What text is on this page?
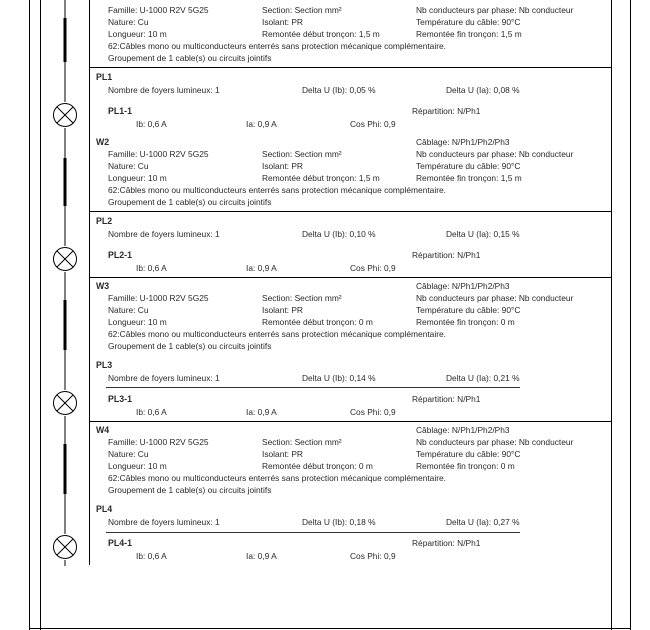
Famille: U-1000 R2V 5G25	Section: Section mm²	Nb conducteurs par phase: Nb conducteur
Nature: Cu	Isolant: PR	Température du câble: 90°C
Longueur: 10 m	Remontée début tronçon: 1,5 m	Remontée fin tronçon: 1,5 m
62:Câbles mono ou multiconducteurs enterrés sans protection mécanique complémentaire.
Groupement de 1 cable(s) ou circuits jointifs
PL1
Nombre de foyers lumineux: 1	Delta U (Ib): 0,05 %	Delta U (Ia): 0,08 %
PL1-1	Répartition: N/Ph1
Ib: 0,6 A	Ia: 0,9 A	Cos Phi: 0,9
W2	Câblage: N/Ph1/Ph2/Ph3
Famille: U-1000 R2V 5G25	Section: Section mm²	Nb conducteurs par phase: Nb conducteur
Nature: Cu	Isolant: PR	Température du câble: 90°C
Longueur: 10 m	Remontée début tronçon: 1,5 m	Remontée fin tronçon: 1,5 m
62:Câbles mono ou multiconducteurs enterrés sans protection mécanique complémentaire.
Groupement de 1 cable(s) ou circuits jointifs
PL2
Nombre de foyers lumineux: 1	Delta U (Ib): 0,10 %	Delta U (Ia): 0,15 %
PL2-1	Répartition: N/Ph1
Ib: 0,6 A	Ia: 0,9 A	Cos Phi: 0,9
W3	Câblage: N/Ph1/Ph2/Ph3
Famille: U-1000 R2V 5G25	Section: Section mm²	Nb conducteurs par phase: Nb conducteur
Nature: Cu	Isolant: PR	Température du câble: 90°C
Longueur: 10 m	Remontée début tronçon: 0 m	Remontée fin tronçon: 0 m
62:Câbles mono ou multiconducteurs enterrés sans protection mécanique complémentaire.
Groupement de 1 cable(s) ou circuits jointifs
PL3
Nombre de foyers lumineux: 1	Delta U (Ib): 0,14 %	Delta U (Ia): 0,21 %
PL3-1	Répartition: N/Ph1
Ib: 0,6 A	Ia: 0,9 A	Cos Phi: 0,9
W4	Câblage: N/Ph1/Ph2/Ph3
Famille: U-1000 R2V 5G25	Section: Section mm²	Nb conducteurs par phase: Nb conducteur
Nature: Cu	Isolant: PR	Température du câble: 90°C
Longueur: 10 m	Remontée début tronçon: 0 m	Remontée fin tronçon: 0 m
62:Câbles mono ou multiconducteurs enterrés sans protection mécanique complémentaire.
Groupement de 1 cable(s) ou circuits jointifs
PL4
Nombre de foyers lumineux: 1	Delta U (Ib): 0,18 %	Delta U (Ia): 0,27 %
PL4-1	Répartition: N/Ph1
Ib: 0,6 A	Ia: 0,9 A	Cos Phi: 0,9
